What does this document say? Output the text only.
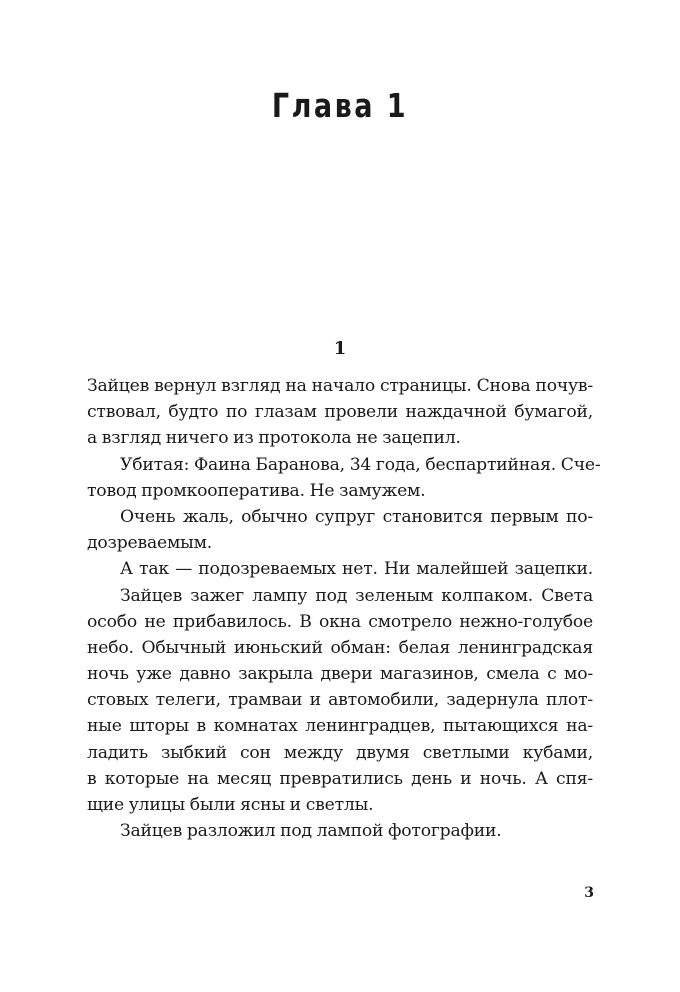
Глава 1
1
Зайцев вернул взгляд на начало страницы. Снова почув-
ствовал, будто по глазам провели наждачной бумагой,
а взгляд ничего из протокола не зацепил.
Убитая: Фаина Баранова, 34 года, беспартийная. Сче-
товод промкооператива. Не замужем.
Очень жаль, обычно супруг становится первым по-
дозреваемым.
А так — подозреваемых нет. Ни малейшей зацепки.
Зайцев зажег лампу под зеленым колпаком. Света
особо не прибавилось. В окна смотрело нежно-голубое
небо. Обычный июньский обман: белая ленинградская
ночь уже давно закрыла двери магазинов, смела с мо-
стовых телеги, трамваи и автомобили, задернула плот-
ные шторы в комнатах ленинградцев, пытающихся на-
ладить зыбкий сон между двумя светлыми кубами,
в которые на месяц превратились день и ночь. А спя-
щие улицы были ясны и светлы.
Зайцев разложил под лампой фотографии.
3
